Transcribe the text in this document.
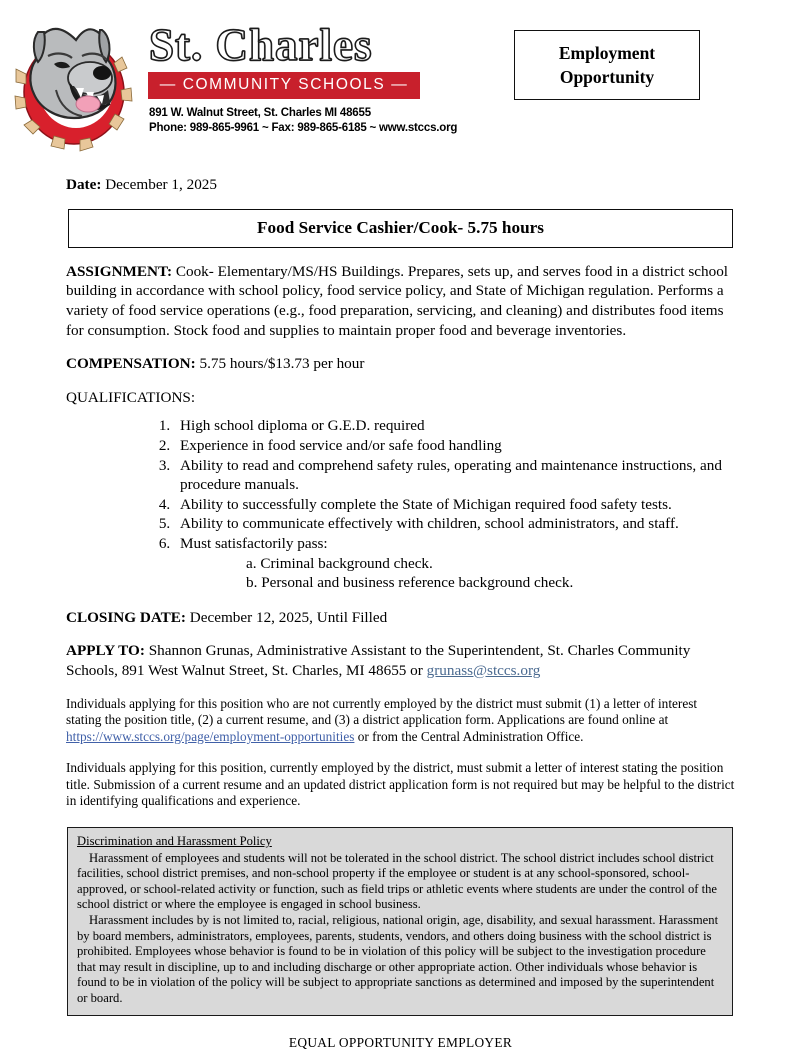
St. Charles
— COMMUNITY SCHOOLS —
891 W. Walnut Street, St. Charles MI 48655
Phone: 989-865-9961 ~ Fax: 989-865-6185 ~ www.stccs.org
Employment
Opportunity
Date: December 1, 2025
Food Service Cashier/Cook- 5.75 hours
ASSIGNMENT: Cook- Elementary/MS/HS Buildings. Prepares, sets up, and serves food in a district school building in accordance with school policy, food service policy, and State of Michigan regulation. Performs a variety of food service operations (e.g., food preparation, servicing, and cleaning) and distributes food items for consumption. Stock food and supplies to maintain proper food and beverage inventories.
COMPENSATION: 5.75 hours/$13.73 per hour
QUALIFICATIONS:
1. High school diploma or G.E.D. required
2. Experience in food service and/or safe food handling
3. Ability to read and comprehend safety rules, operating and maintenance instructions, and procedure manuals.
4. Ability to successfully complete the State of Michigan required food safety tests.
5. Ability to communicate effectively with children, school administrators, and staff.
6. Must satisfactorily pass:
a. Criminal background check.
b. Personal and business reference background check.
CLOSING DATE: December 12, 2025, Until Filled
APPLY TO: Shannon Grunas, Administrative Assistant to the Superintendent, St. Charles Community Schools, 891 West Walnut Street, St. Charles, MI 48655 or grunass@stccs.org
Individuals applying for this position who are not currently employed by the district must submit (1) a letter of interest stating the position title, (2) a current resume, and (3) a district application form. Applications are found online at https://www.stccs.org/page/employment-opportunities or from the Central Administration Office.
Individuals applying for this position, currently employed by the district, must submit a letter of interest stating the position title. Submission of a current resume and an updated district application form is not required but may be helpful to the district in identifying qualifications and experience.
Discrimination and Harassment Policy

Harassment of employees and students will not be tolerated in the school district. The school district includes school district facilities, school district premises, and non-school property if the employee or student is at any school-sponsored, school-approved, or school-related activity or function, such as field trips or athletic events where students are under the control of the school district or where the employee is engaged in school business.

Harassment includes by is not limited to, racial, religious, national origin, age, disability, and sexual harassment. Harassment by board members, administrators, employees, parents, students, vendors, and others doing business with the school district is prohibited. Employees whose behavior is found to be in violation of this policy will be subject to the investigation procedure that may result in discipline, up to and including discharge or other appropriate action. Other individuals whose behavior is found to be in violation of the policy will be subject to appropriate sanctions as determined and imposed by the superintendent or board.

EQUAL OPPORTUNITY EMPLOYER
